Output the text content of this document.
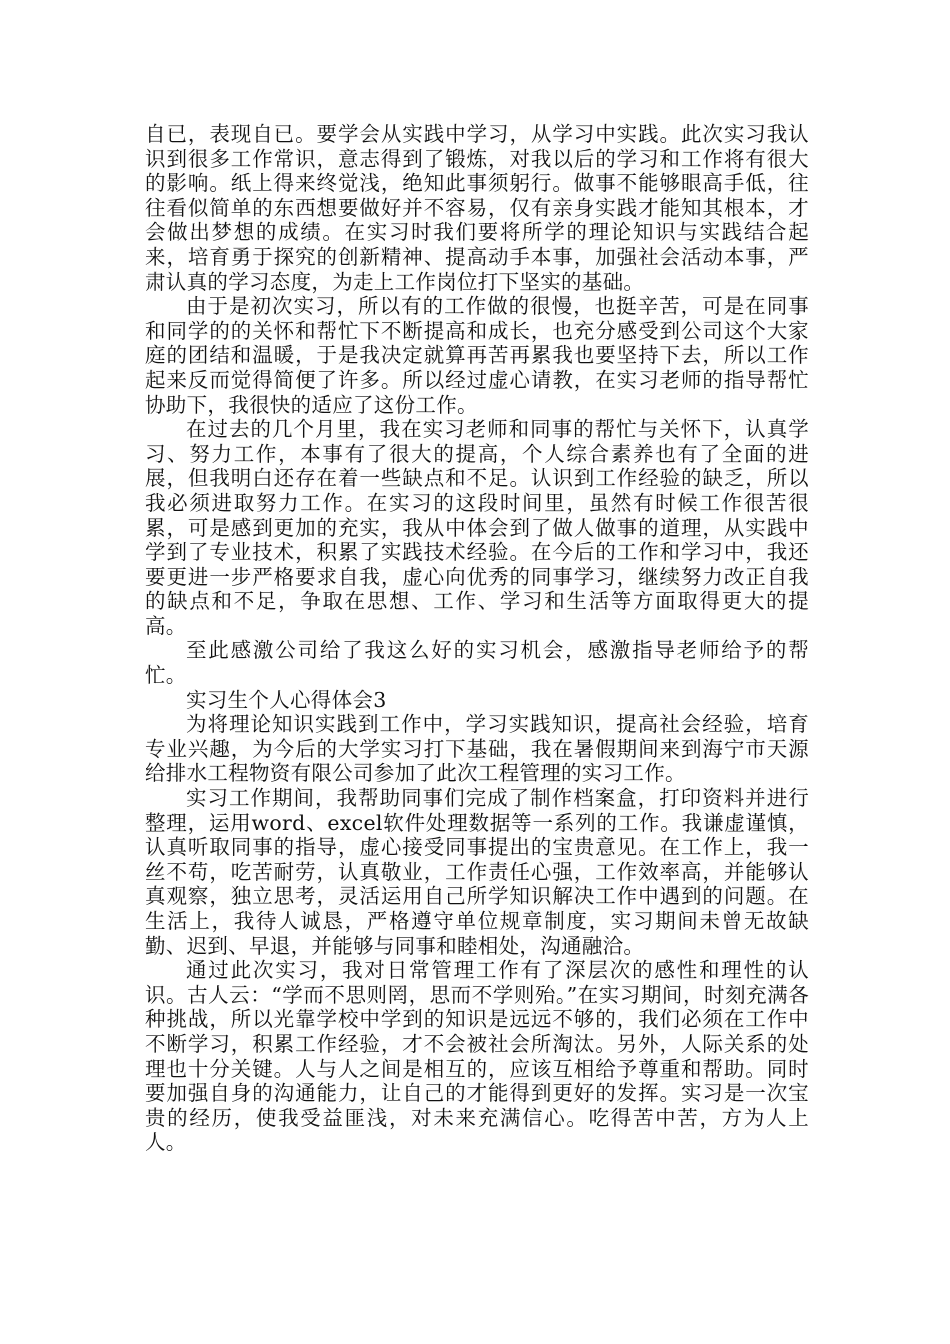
自已，表现自已。要学会从实践中学习，从学习中实践。此次实习我认识到很多工作常识，意志得到了锻炼，对我以后的学习和工作将有很大的影响。纸上得来终觉浅，绝知此事须躬行。做事不能够眼高手低，往往看似简单的东西想要做好并不容易，仅有亲身实践才能知其根本，才会做出梦想的成绩。在实习时我们要将所学的理论知识与实践结合起来，培育勇于探究的创新精神、提高动手本事，加强社会活动本事，严肃认真的学习态度，为走上工作岗位打下坚实的基础。

由于是初次实习，所以有的工作做的很慢，也挺辛苦，可是在同事和同学的的关怀和帮忙下不断提高和成长，也充分感受到公司这个大家庭的团结和温暖，于是我决定就算再苦再累我也要坚持下去，所以工作起来反而觉得简便了许多。所以经过虚心请教，在实习老师的指导帮忙协助下，我很快的适应了这份工作。

在过去的几个月里，我在实习老师和同事的帮忙与关怀下，认真学习、努力工作，本事有了很大的提高，个人综合素养也有了全面的进展，但我明白还存在着一些缺点和不足。认识到工作经验的缺乏，所以我必须进取努力工作。在实习的这段时间里，虽然有时候工作很苦很累，可是感到更加的充实，我从中体会到了做人做事的道理，从实践中学到了专业技术，积累了实践技术经验。在今后的工作和学习中，我还要更进一步严格要求自我，虚心向优秀的同事学习，继续努力改正自我的缺点和不足，争取在思想、工作、学习和生活等方面取得更大的提高。

至此感激公司给了我这么好的实习机会，感激指导老师给予的帮忙。

实习生个人心得体会3

为将理论知识实践到工作中，学习实践知识，提高社会经验，培育专业兴趣，为今后的大学实习打下基础，我在暑假期间来到海宁市天源给排水工程物资有限公司参加了此次工程管理的实习工作。

实习工作期间，我帮助同事们完成了制作档案盒，打印资料并进行整理，运用word、excel软件处理数据等一系列的工作。我谦虚谨慎，认真听取同事的指导，虚心接受同事提出的宝贵意见。在工作上，我一丝不苟，吃苦耐劳，认真敬业，工作责任心强，工作效率高，并能够认真观察，独立思考，灵活运用自己所学知识解决工作中遇到的问题。在生活上，我待人诚恳，严格遵守单位规章制度，实习期间未曾无故缺勤、迟到、早退，并能够与同事和睦相处，沟通融洽。

通过此次实习，我对日常管理工作有了深层次的感性和理性的认识。古人云：“学而不思则罔，思而不学则殆。”在实习期间，时刻充满各种挑战，所以光靠学校中学到的知识是远远不够的，我们必须在工作中不断学习，积累工作经验，才不会被社会所淘汰。另外，人际关系的处理也十分关键。人与人之间是相互的，应该互相给予尊重和帮助。同时要加强自身的沟通能力，让自己的才能得到更好的发挥。实习是一次宝贵的经历，使我受益匪浅，对未来充满信心。吃得苦中苦，方为人上人。
